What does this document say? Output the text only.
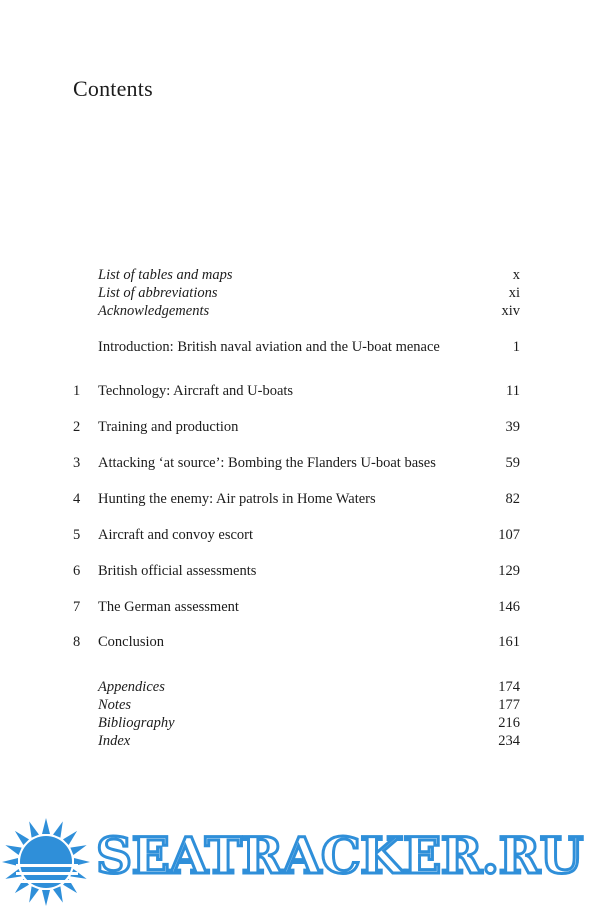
Contents
List of tables and maps	x
List of abbreviations	xi
Acknowledgements	xiv
Introduction: British naval aviation and the U-boat menace	1
1	Technology: Aircraft and U-boats	11
2	Training and production	39
3	Attacking ‘at source’: Bombing the Flanders U-boat bases	59
4	Hunting the enemy: Air patrols in Home Waters	82
5	Aircraft and convoy escort	107
6	British official assessments	129
7	The German assessment	146
8	Conclusion	161
Appendices	174
Notes	177
Bibliography	216
Index	234
SEATRACKER.RU
